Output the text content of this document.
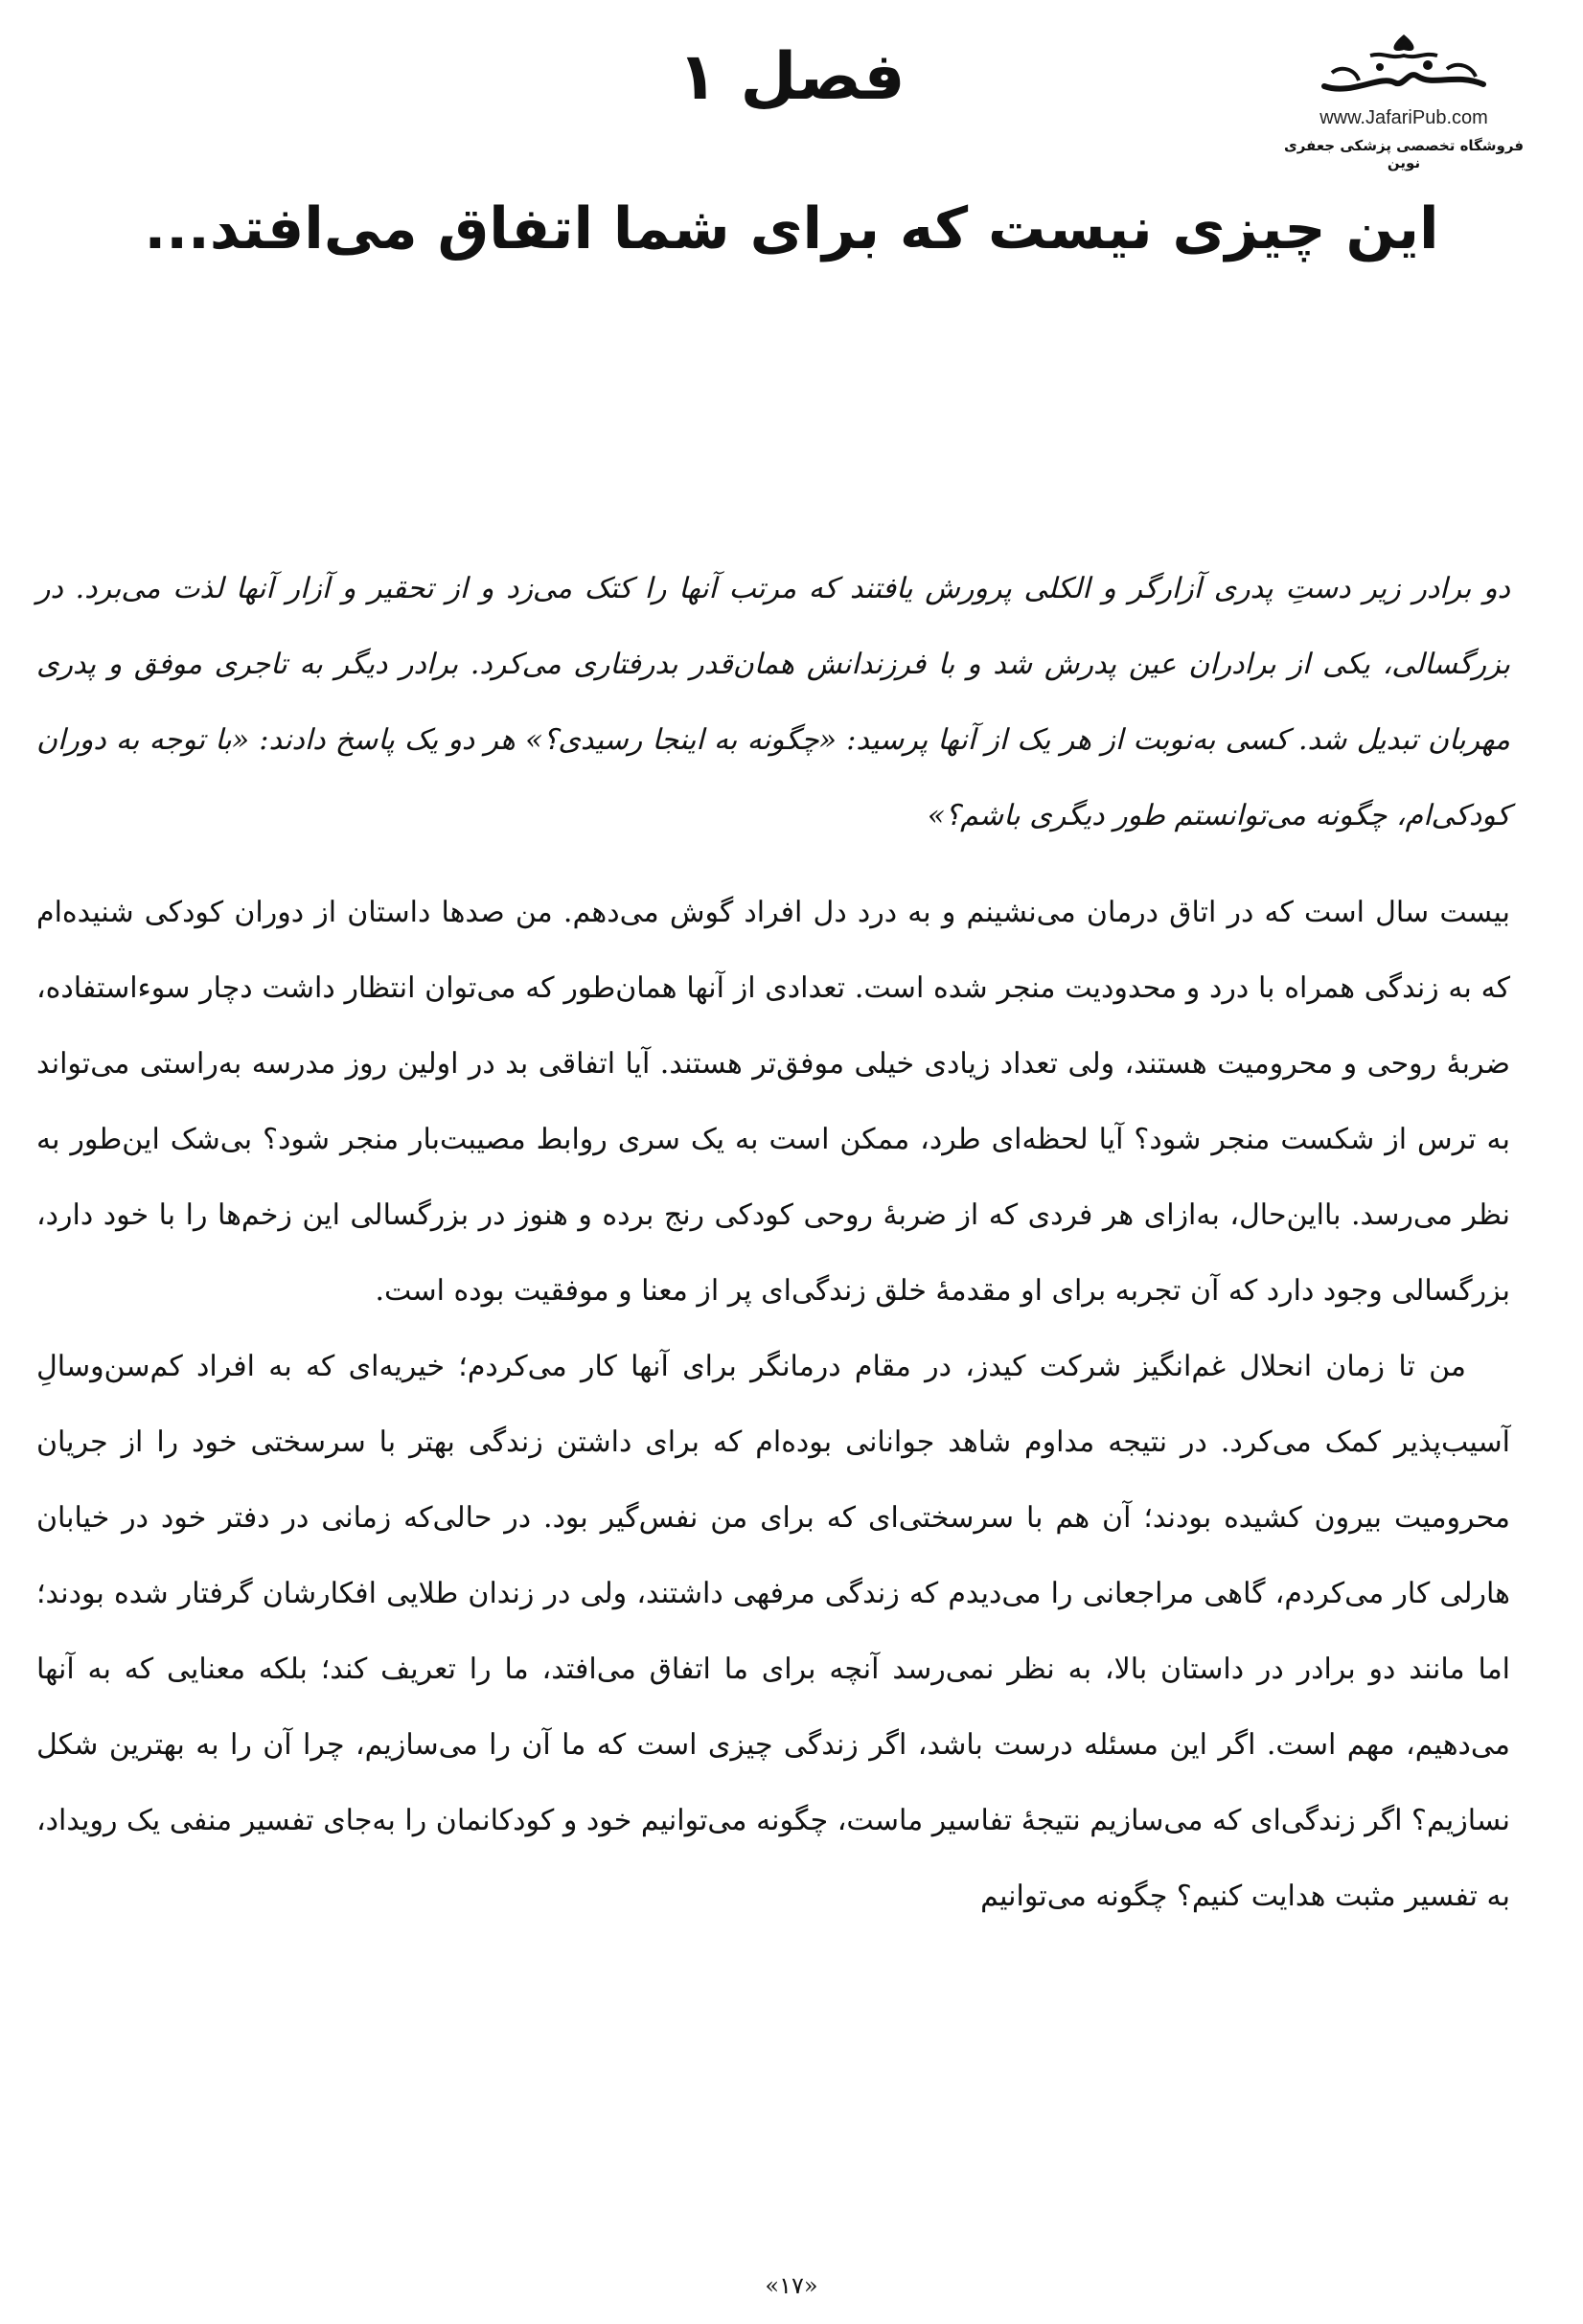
www.JafariPub.com
فروشگاه تخصصی پزشکی جعفری نوین
فصل ۱
این چیزی نیست که برای شما اتفاق می‌افتد...

دو برادر زیر دستِ پدری آزارگر و الکلی پرورش یافتند که مرتب آنها را کتک می‌زد و از تحقیر و آزار آنها لذت می‌برد. در بزرگسالی، یکی از برادران عین پدرش شد و با فرزندانش همان‌قدر بدرفتاری می‌کرد. برادر دیگر به تاجری موفق و پدری مهربان تبدیل شد. کسی به‌نوبت از هر یک از آنها پرسید: «چگونه به اینجا رسیدی؟» هر دو یک پاسخ دادند: «با توجه به دوران کودکی‌ام، چگونه می‌توانستم طور دیگری باشم؟»

بیست سال است که در اتاق درمان می‌نشینم و به درد دل افراد گوش می‌دهم. من صدها داستان از دوران کودکی شنیده‌ام که به زندگی همراه با درد و محدودیت منجر شده است. تعدادی از آنها همان‌طور که می‌توان انتظار داشت دچار سوءاستفاده، ضربهٔ روحی و محرومیت هستند، ولی تعداد زیادی خیلی موفق‌تر هستند. آیا اتفاقی بد در اولین روز مدرسه به‌راستی می‌تواند به ترس از شکست منجر شود؟ آیا لحظه‌ای طرد، ممکن است به یک سری روابط مصیبت‌بار منجر شود؟ بی‌شک این‌طور به نظر می‌رسد. بااین‌حال، به‌ازای هر فردی که از ضربهٔ روحی کودکی رنج برده و هنوز در بزرگسالی این زخم‌ها را با خود دارد، بزرگسالی وجود دارد که آن تجربه برای او مقدمهٔ خلق زندگی‌ای پر از معنا و موفقیت بوده است.

من تا زمان انحلال غم‌انگیز شرکت کیدز، در مقام درمانگر برای آنها کار می‌کردم؛ خیریه‌ای که به افراد کم‌سن‌وسالِ آسیب‌پذیر کمک می‌کرد. در نتیجه مداوم شاهد جوانانی بوده‌ام که برای داشتن زندگی بهتر با سرسختی خود را از جریان محرومیت بیرون کشیده بودند؛ آن هم با سرسختی‌ای که برای من نفس‌گیر بود. در حالی‌که زمانی در دفتر خود در خیابان هارلی کار می‌کردم، گاهی مراجعانی را می‌دیدم که زندگی مرفهی داشتند، ولی در زندان طلایی افکارشان گرفتار شده بودند؛ اما مانند دو برادر در داستان بالا، به نظر نمی‌رسد آنچه برای ما اتفاق می‌افتد، ما را تعریف کند؛ بلکه معنایی که به آنها می‌دهیم، مهم است. اگر این مسئله درست باشد، اگر زندگی چیزی است که ما آن را می‌سازیم، چرا آن را به بهترین شکل نسازیم؟ اگر زندگی‌ای که می‌سازیم نتیجهٔ تفاسیر ماست، چگونه می‌توانیم خود و کودکانمان را به‌جای تفسیر منفی یک رویداد، به تفسیر مثبت هدایت کنیم؟ چگونه می‌توانیم

«۱۷»
